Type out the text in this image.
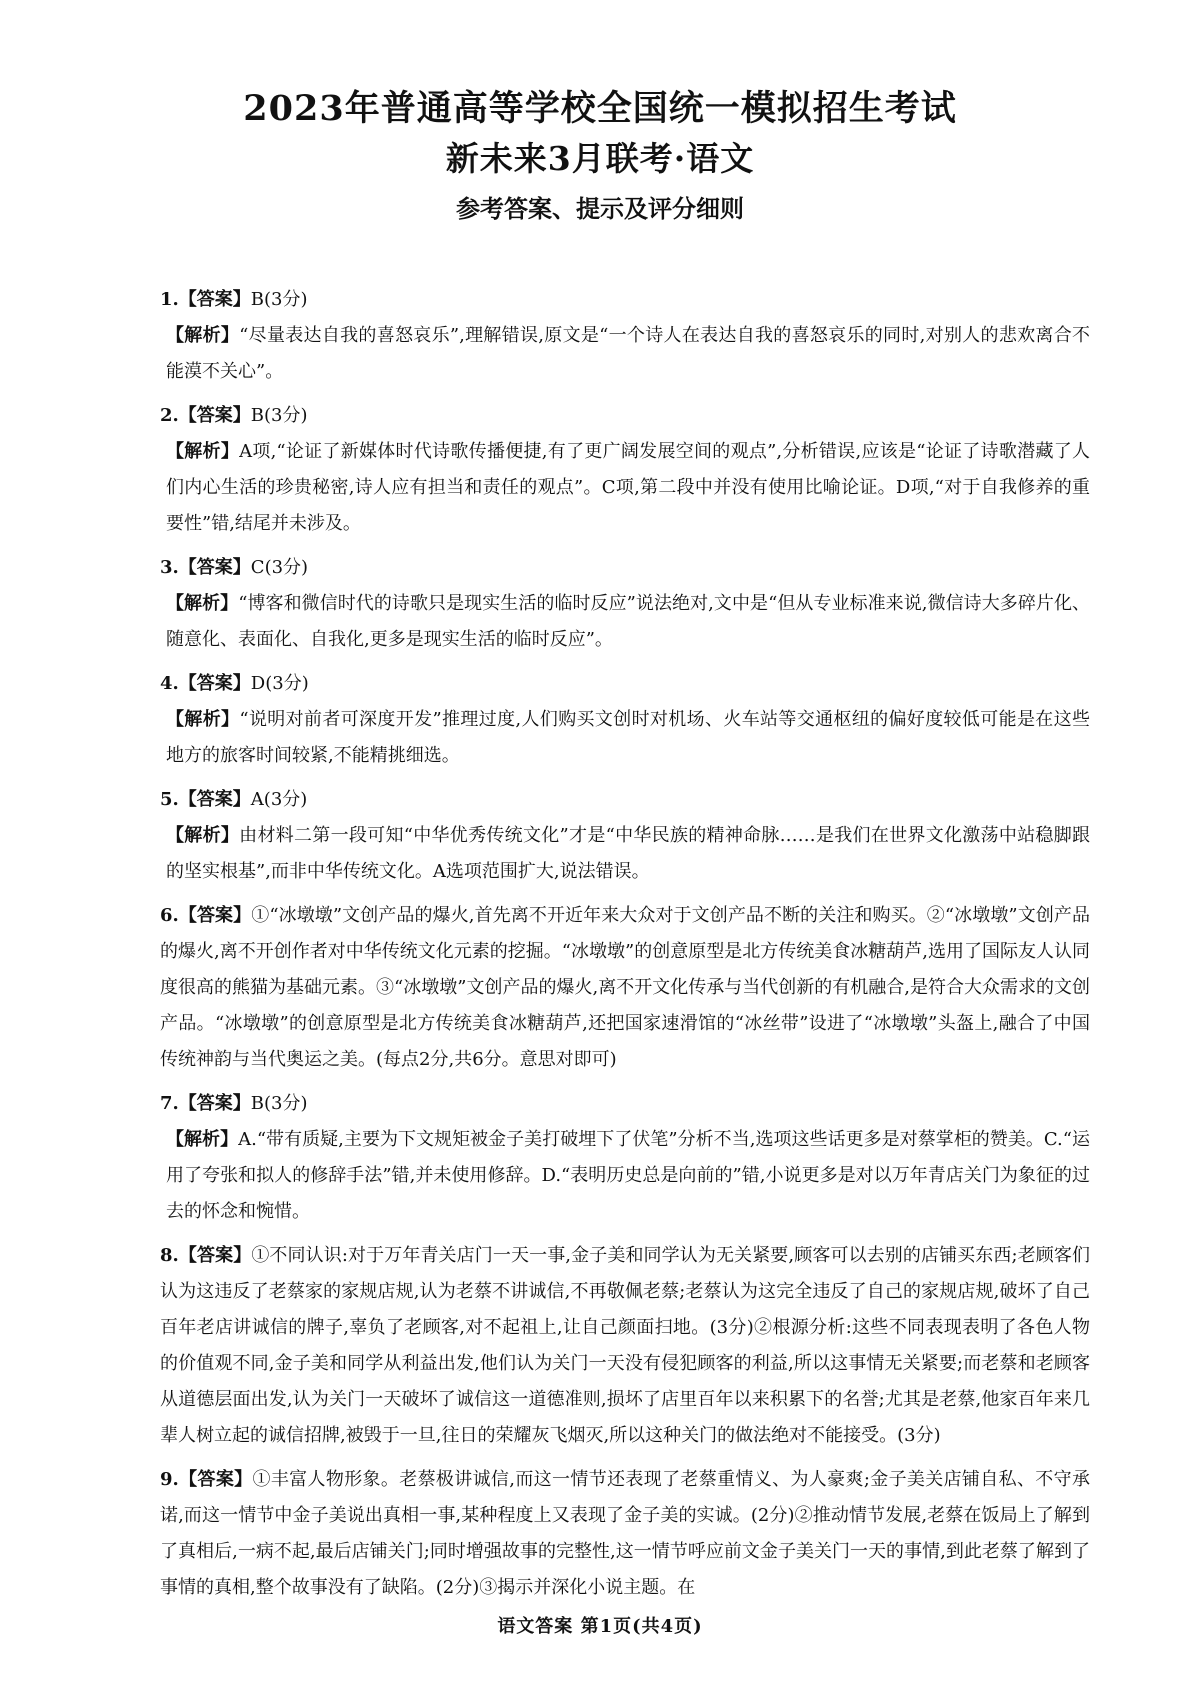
2023年普通高等学校全国统一模拟招生考试
新未来3月联考·语文
参考答案、提示及评分细则
1.【答案】B(3分)
【解析】“尽量表达自我的喜怒哀乐”,理解错误,原文是“一个诗人在表达自我的喜怒哀乐的同时,对别人的悲欢离合不能漠不关心”。
2.【答案】B(3分)
【解析】A项,“论证了新媒体时代诗歌传播便捷,有了更广阔发展空间的观点”,分析错误,应该是“论证了诗歌潜藏了人们内心生活的珍贵秘密,诗人应有担当和责任的观点”。C项,第二段中并没有使用比喻论证。D项,“对于自我修养的重要性”错,结尾并未涉及。
3.【答案】C(3分)
【解析】“博客和微信时代的诗歌只是现实生活的临时反应”说法绝对,文中是“但从专业标准来说,微信诗大多碎片化、随意化、表面化、自我化,更多是现实生活的临时反应”。
4.【答案】D(3分)
【解析】“说明对前者可深度开发”推理过度,人们购买文创时对机场、火车站等交通枢纽的偏好度较低可能是在这些地方的旅客时间较紧,不能精挑细选。
5.【答案】A(3分)
【解析】由材料二第一段可知“中华优秀传统文化”才是“中华民族的精神命脉……是我们在世界文化激荡中站稳脚跟的坚实根基”,而非中华传统文化。A选项范围扩大,说法错误。
6.【答案】①“冰墩墩”文创产品的爆火,首先离不开近年来大众对于文创产品不断的关注和购买。②“冰墩墩”文创产品的爆火,离不开创作者对中华传统文化元素的挖掘。“冰墩墩”的创意原型是北方传统美食冰糖葫芦,选用了国际友人认同度很高的熊猫为基础元素。③“冰墩墩”文创产品的爆火,离不开文化传承与当代创新的有机融合,是符合大众需求的文创产品。“冰墩墩”的创意原型是北方传统美食冰糖葫芦,还把国家速滑馆的“冰丝带”设进了“冰墩墩”头盔上,融合了中国传统神韵与当代奥运之美。(每点2分,共6分。意思对即可)
7.【答案】B(3分)
【解析】A.“带有质疑,主要为下文规矩被金子美打破埋下了伏笔”分析不当,选项这些话更多是对蔡掌柜的赞美。C.“运用了夸张和拟人的修辞手法”错,并未使用修辞。D.“表明历史总是向前的”错,小说更多是对以万年青店关门为象征的过去的怀念和惋惜。
8.【答案】①不同认识:对于万年青关店门一天一事,金子美和同学认为无关紧要,顾客可以去别的店铺买东西;老顾客们认为这违反了老蔡家的家规店规,认为老蔡不讲诚信,不再敬佩老蔡;老蔡认为这完全违反了自己的家规店规,破坏了自己百年老店讲诚信的牌子,辜负了老顾客,对不起祖上,让自己颜面扫地。(3分)②根源分析:这些不同表现表明了各色人物的价值观不同,金子美和同学从利益出发,他们认为关门一天没有侵犯顾客的利益,所以这事情无关紧要;而老蔡和老顾客从道德层面出发,认为关门一天破坏了诚信这一道德准则,损坏了店里百年以来积累下的名誉;尤其是老蔡,他家百年来几辈人树立起的诚信招牌,被毁于一旦,往日的荣耀灰飞烟灭,所以这种关门的做法绝对不能接受。(3分)
9.【答案】①丰富人物形象。老蔡极讲诚信,而这一情节还表现了老蔡重情义、为人豪爽;金子美关店铺自私、不守承诺,而这一情节中金子美说出真相一事,某种程度上又表现了金子美的实诚。(2分)②推动情节发展,老蔡在饭局上了解到了真相后,一病不起,最后店铺关门;同时增强故事的完整性,这一情节呼应前文金子美关门一天的事情,到此老蔡了解到了事情的真相,整个故事没有了缺陷。(2分)③揭示并深化小说主题。在
语文答案 第1页(共4页)
